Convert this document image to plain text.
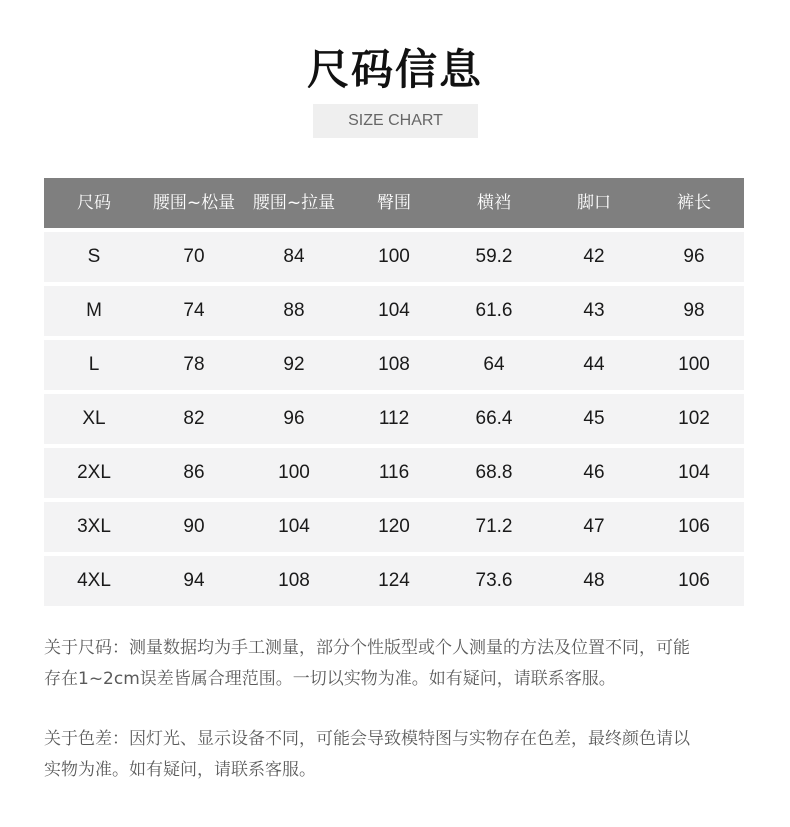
尺码信息
SIZE CHART
尺码	腰围~松量	腰围~拉量	臀围	横裆	脚口	裤长
S	70	84	100	59.2	42	96
M	74	88	104	61.6	43	98
L	78	92	108	64	44	100
XL	82	96	112	66.4	45	102
2XL	86	100	116	68.8	46	104
3XL	90	104	120	71.2	47	106
4XL	94	108	124	73.6	48	106
关于尺码：测量数据均为手工测量，部分个性版型或个人测量的方法及位置不同，可能
存在1~2cm误差皆属合理范围。一切以实物为准。如有疑问，请联系客服。
关于色差：因灯光、显示设备不同，可能会导致模特图与实物存在色差，最终颜色请以
实物为准。如有疑问，请联系客服。
